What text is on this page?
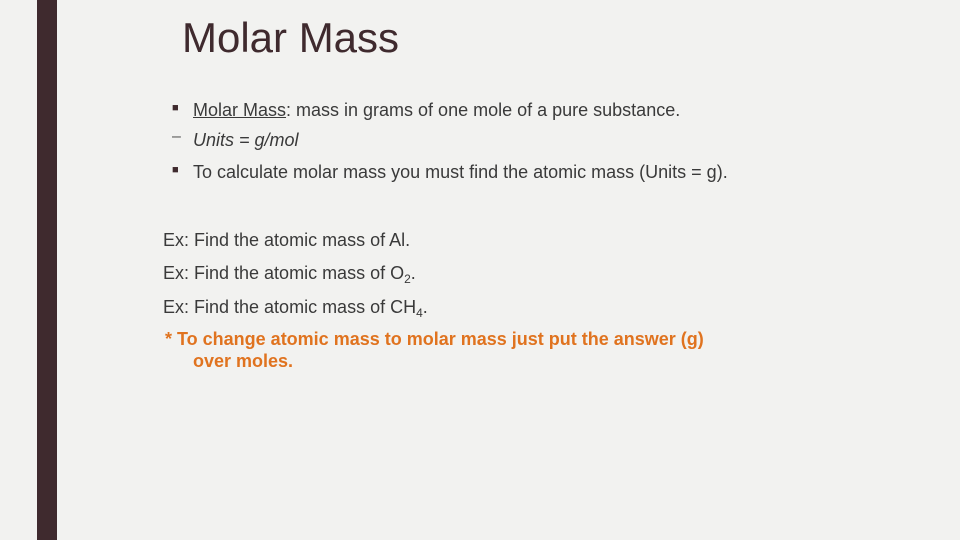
Molar Mass
■ Molar Mass: mass in grams of one mole of a pure substance.
– Units = g/mol
■ To calculate molar mass you must find the atomic mass (Units = g).
Ex: Find the atomic mass of Al.
Ex: Find the atomic mass of $O_2$.
Ex: Find the atomic mass of $CH_4$.
* To change atomic mass to molar mass just put the answer (g)
over moles.
